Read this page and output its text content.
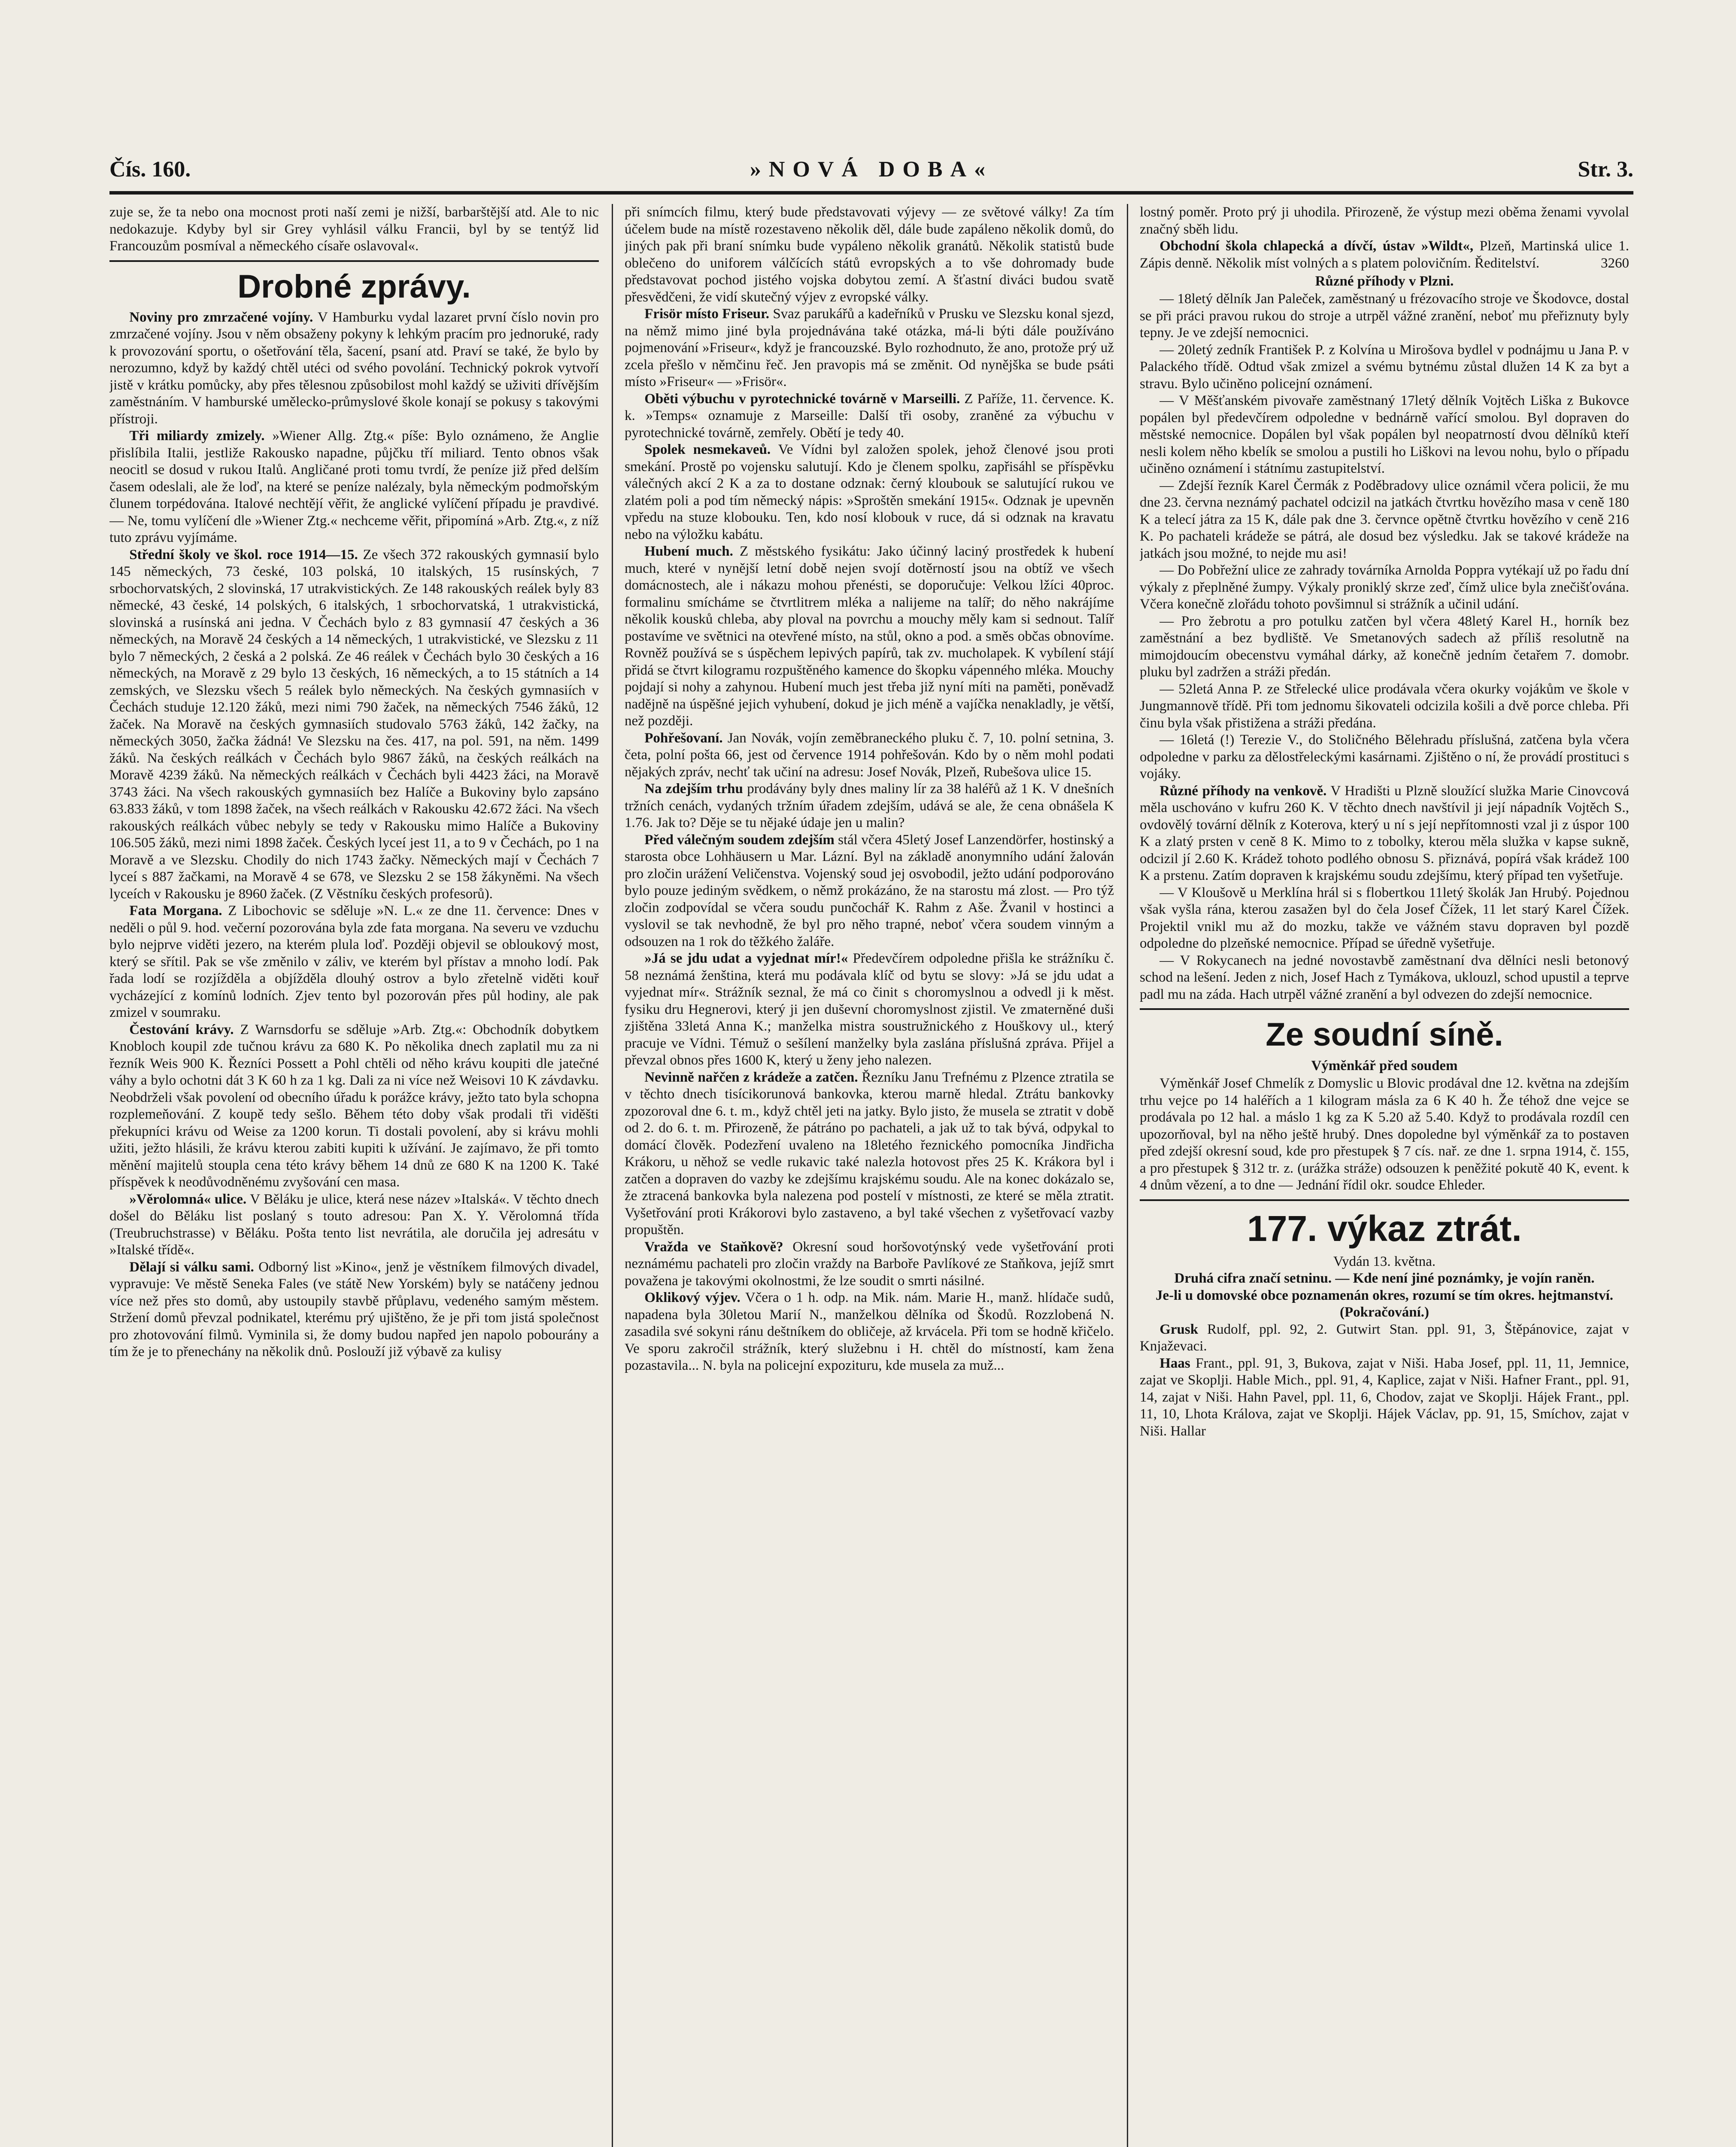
Čís. 160.	»NOVÁ DOBA«	Str. 3.

zuje se, že ta nebo ona mocnost proti naší zemi je nižší, barbarštější atd. Ale to nic nedokazuje. Kdyby byl sir Grey vyhlásil válku Francii, byl by se tentýž lid Francouzům posmíval a německého císaře oslavoval«.

Drobné zprávy.

Noviny pro zmrzačené vojíny. V Hamburku vydal lazaret první číslo novin pro zmrzačené vojíny. Jsou v něm obsaženy pokyny k lehkým pracím pro jednoruké, rady k provozování sportu, o ošetřování těla, šacení, psaní atd. Praví se také, že bylo by nerozumno, když by každý chtěl utéci od svého povolání. Technický pokrok vytvoří jistě v krátku pomůcky, aby přes tělesnou způsobilost mohl každý se uživiti dřívějším zaměstnáním. V hamburské umělecko-průmyslové škole konají se pokusy s takovými přístroji.

Tři miliardy zmizely. »Wiener Allg. Ztg.« píše: Bylo oznámeno, že Anglie přislíbila Italii, jestliže Rakousko napadne, půjčku tří miliard. Tento obnos však neocitl se dosud v rukou Italů. Angličané proti tomu tvrdí, že peníze již před delším časem odeslali, ale že loď, na které se peníze nalézaly, byla německým podmořským člunem torpédována. Italové nechtějí věřit, že anglické vylíčení případu je pravdivé. — Ne, tomu vylíčení dle »Wiener Ztg.« nechceme věřit, připomíná »Arb. Ztg.«, z níž tuto zprávu vyjímáme.

Střední školy ve škol. roce 1914—15. Ze všech 372 rakouských gymnasií bylo 145 německých, 73 české, 103 polská, 10 italských, 15 rusínských, 7 srbochorvatských, 2 slovinská, 17 utrakvistických. Ze 148 rakouských reálek byly 83 německé, 43 české, 14 polských, 6 italských, 1 srbochorvatská, 1 utrakvistická, slovinská a rusínská ani jedna. V Čechách bylo z 83 gymnasií 47 českých a 36 německých, na Moravě 24 českých a 14 německých, 1 utrakvistické, ve Slezsku z 11 bylo 7 německých, 2 česká a 2 polská. Ze 46 reálek v Čechách bylo 30 českých a 16 německých, na Moravě z 29 bylo 13 českých, 16 německých, a to 15 státních a 14 zemských, ve Slezsku všech 5 reálek bylo německých. Na českých gymnasiích v Čechách studuje 12.120 žáků, mezi nimi 790 žaček, na německých 7546 žáků, 12 žaček. Na Moravě na českých gymnasiích studovalo 5763 žáků, 142 žačky, na německých 3050, žačka žádná! Ve Slezsku na čes. 417, na pol. 591, na něm. 1499 žáků. Na českých reálkách v Čechách bylo 9867 žáků, na českých reálkách na Moravě 4239 žáků. Na německých reálkách v Čechách byli 4423 žáci, na Moravě 3743 žáci. Na všech rakouských gymnasiích bez Halíče a Bukoviny bylo zapsáno 63.833 žáků, v tom 1898 žaček, na všech reálkách v Rakousku 42.672 žáci. Na všech rakouských reálkách vůbec nebyly se tedy v Rakousku mimo Halíče a Bukoviny 106.505 žáků, mezi nimi 1898 žaček. Českých lyceí jest 11, a to 9 v Čechách, po 1 na Moravě a ve Slezsku. Chodily do nich 1743 žačky. Německých mají v Čechách 7 lyceí s 887 žačkami, na Moravě 4 se 678, ve Slezsku 2 se 158 žákyněmi. Na všech lyceích v Rakousku je 8960 žaček. (Z Věstníku českých profesorů).

Fata Morgana. Z Libochovic se sděluje »N. L.« ze dne 11. července: Dnes v neděli o půl 9. hod. večerní pozorována byla zde fata morgana. Na severu ve vzduchu bylo nejprve viděti jezero, na kterém plula loď. Později objevil se obloukový most, který se sřítil. Pak se vše změnilo v záliv, ve kterém byl přístav a mnoho lodí. Pak řada lodí se rozjížděla a objížděla dlouhý ostrov a bylo zřetelně viděti kouř vycházející z komínů lodních. Zjev tento byl pozorován přes půl hodiny, ale pak zmizel v soumraku.

Čestování krávy. Z Warnsdorfu se sděluje »Arb. Ztg.«: Obchodník dobytkem Knobloch koupil zde tučnou krávu za 680 K. Po několika dnech zaplatil mu za ni řezník Weis 900 K. Řezníci Possett a Pohl chtěli od něho krávu koupiti dle jatečné váhy a bylo ochotni dát 3 K 60 h za 1 kg. Dali za ni více než Weisovi 10 K závdavku. Neobdrželi však povolení od obecního úřadu k porážce krávy, ježto tato byla schopna rozplemeňování. Z koupě tedy sešlo. Během této doby však prodali tři viděšti překupníci krávu od Weise za 1200 korun. Ti dostali povolení, aby si krávu mohli užiti, ježto hlásili, že krávu kterou zabiti kupiti k užívání. Je zajímavo, že při tomto měnění majitelů stoupla cena této krávy během 14 dnů ze 680 K na 1200 K. Také příspěvek k neodůvodněnému zvyšování cen masa.

»Věrolomná« ulice. V Běláku je ulice, která nese název »Italská«. V těchto dnech došel do Běláku list poslaný s touto adresou: Pan X. Y. Věrolomná třída (Treubruchstrasse) v Běláku. Pošta tento list nevrátila, ale doručila jej adresátu v »Italské třídě«.

Dělají si válku sami. Odborný list »Kino«, jenž je věstníkem filmových divadel, vypravuje: Ve městě Seneka Fales (ve státě New Yorském) byly se natáčeny jednou více než přes sto domů, aby ustoupily stavbě přůplavu, vedeného samým městem. Stržení domů převzal podnikatel, kterému prý ujištěno, že je při tom jistá společnost pro zhotovování filmů. Vyminila si, že domy budou napřed jen napolo pobourány a tím že je to přenechány na několik dnů. Poslouží již výbavě za kulisy

při snímcích filmu, který bude představovati výjevy — ze světové války! Za tím účelem bude na místě rozestaveno několik děl, dále bude zapáleno několik domů, do jiných pak při braní snímku bude vypáleno několik granátů. Několik statistů bude oblečeno do uniforem válčících států evropských a to vše dohromady bude představovat pochod jistého vojska dobytou zemí. A šťastní diváci budou svatě přesvědčeni, že vidí skutečný výjev z evropské války.

Frisör místo Friseur. Svaz parukářů a kadeřníků v Prusku ve Slezsku konal sjezd, na němž mimo jiné byla projednávána také otázka, má-li býti dále používáno pojmenování »Friseur«, když je francouzské. Bylo rozhodnuto, že ano, protože prý už zcela přešlo v němčinu řeč. Jen pravopis má se změnit. Od nynějška se bude psáti místo »Friseur« — »Frisör«.

Oběti výbuchu v pyrotechnické továrně v Marseilli. Z Paříže, 11. července. K. k. »Temps« oznamuje z Marseille: Další tři osoby, zraněné za výbuchu v pyrotechnické továrně, zemřely. Obětí je tedy 40.

Spolek nesmekaveů. Ve Vídni byl založen spolek, jehož členové jsou proti smekání. Prostě po vojensku salutují. Kdo je členem spolku, zapřisáhl se příspěvku válečných akcí 2 K a za to dostane odznak: černý kloubouk se salutující rukou ve zlatém poli a pod tím německý nápis: »Sproštěn smekání 1915«. Odznak je upevněn vpředu na stuze klobouku. Ten, kdo nosí klobouk v ruce, dá si odznak na kravatu nebo na výložku kabátu.

Hubení much. Z městského fysikátu: Jako účinný laciný prostředek k hubení much, které v nynější letní době nejen svojí dotěrností jsou na obtíž ve všech domácnostech, ale i nákazu mohou přenésti, se doporučuje: Velkou lžíci 40proc. formalinu smícháme se čtvrtlitrem mléka a nalijeme na talíř; do něho nakrájíme několik kousků chleba, aby ploval na povrchu a mouchy měly kam si sednout. Talíř postavíme ve světnici na otevřené místo, na stůl, okno a pod. a směs občas obnovíme. Rovněž používá se s úspěchem lepivých papírů, tak zv. mucholapek. K vybílení stájí přidá se čtvrt kilogramu rozpuštěného kamence do škopku vápenného mléka. Mouchy pojdají si nohy a zahynou. Hubení much jest třeba již nyní míti na paměti, poněvadž nadějně na úspěšné jejich vyhubení, dokud je jich méně a vajíčka nenakladly, je větší, než později.

Pohřešovaní. Jan Novák, vojín zeměbraneckého pluku č. 7, 10. polní setnina, 3. četa, polní pošta 66, jest od července 1914 pohřešován. Kdo by o něm mohl podati nějakých zpráv, nechť tak učiní na adresu: Josef Novák, Plzeň, Rubešova ulice 15.

Na zdejším trhu prodávány byly dnes maliny lír za 38 haléřů až 1 K. V dnešních tržních cenách, vydaných tržním úřadem zdejším, udává se ale, že cena obnášela K 1.76. Jak to? Děje se tu nějaké údaje jen u malin?

Před válečným soudem zdejším stál včera 45letý Josef Lanzendörfer, hostinský a starosta obce Lohhäusern u Mar. Lázní. Byl na základě anonymního udání žalován pro zločin urážení Veličenstva. Vojenský soud jej osvobodil, ježto udání podporováno bylo pouze jediným svědkem, o němž prokázáno, že na starostu má zlost. — Pro týž zločin zodpovídal se včera soudu punčochář K. Rahm z Aše. Žvanil v hostinci a vyslovil se tak nevhodně, že byl pro něho trapné, neboť včera soudem vinným a odsouzen na 1 rok do těžkého žaláře.

»Já se jdu udat a vyjednat mír!« Předevčírem odpoledne přišla ke strážníku č. 58 neznámá ženština, která mu podávala klíč od bytu se slovy: »Já se jdu udat a vyjednat mír«. Strážník seznal, že má co činit s choromyslnou a odvedl ji k měst. fysiku dru Hegnerovi, který ji jen duševní choromyslnost zjistil. Ve zmaterněné duši zjištěna 33letá Anna K.; manželka mistra soustružnického z Houškovy ul., který pracuje ve Vídni. Témuž o sešílení manželky byla zaslána příslušná zpráva. Přijel a převzal obnos přes 1600 K, který u ženy jeho nalezen.

Nevinně nařčen z krádeže a zatčen. Řezníku Janu Trefnému z Plzence ztratila se v těchto dnech tisícikorunová bankovka, kterou marně hledal. Ztrátu bankovky zpozoroval dne 6. t. m., když chtěl jeti na jatky. Bylo jisto, že musela se ztratit v době od 2. do 6. t. m. Přirozeně, že pátráno po pachateli, a jak už to tak bývá, odpykal to domácí člověk. Podezření uvaleno na 18letého řeznického pomocníka Jindřicha Krákoru, u něhož se vedle rukavic také nalezla hotovost přes 25 K. Krákora byl i zatčen a dopraven do vazby ke zdejšímu krajskému soudu. Ale na konec dokázalo se, že ztracená bankovka byla nalezena pod postelí v místnosti, ze které se měla ztratit. Vyšetřování proti Krákorovi bylo zastaveno, a byl také všechen z vyšetřovací vazby propuštěn.

Vražda ve Staňkově? Okresní soud horšovotýnský vede vyšetřování proti neznámému pachateli pro zločin vraždy na Barboře Pavlíkové ze Staňkova, jejíž smrt považena je takovými okolnostmi, že lze soudit o smrti násilné.

Oklikový výjev. Včera o 1 h. odp. na Mik. nám. Marie H., manž. hlídače sudů, napadena byla 30letou Marií N., manželkou dělníka od Škodů. Rozzlobená N. zasadila své sokyni ránu deštníkem do obličeje, až krvácela. Při tom se hodně křičelo. Ve sporu zakročil strážník, který služebnu i H. chtěl do místností, kam žena pozastavila... N. byla na policejní expozituru, kde musela za muž...

lostný poměr. Proto prý ji uhodila. Přirozeně, že výstup mezi oběma ženami vyvolal značný sběh lidu.

Obchodní škola chlapecká a dívčí, ústav »Wildt«, Plzeň, Martinská ulice 1. Zápis denně. Několik míst volných a s platem polovičním. Ředitelství.	3260

Různé příhody v Plzni.

— 18letý dělník Jan Paleček, zaměstnaný u frézovacího stroje ve Škodovce, dostal se při práci pravou rukou do stroje a utrpěl vážné zranění, neboť mu přeřiznuty byly tepny. Je ve zdejší nemocnici.

— 20letý zedník František P. z Kolvína u Mirošova bydlel v podnájmu u Jana P. v Palackého třídě. Odtud však zmizel a svému bytnému zůstal dlužen 14 K za byt a stravu. Bylo učiněno policejní oznámení.

— V Měšťanském pivovaře zaměstnaný 17letý dělník Vojtěch Liška z Bukovce popálen byl předevčírem odpoledne v bednárně vařící smolou. Byl dopraven do městské nemocnice. Dopálen byl však popálen byl neopatrností dvou dělníků kteří nesli kolem něho kbelík se smolou a pustili ho Liškovi na levou nohu, bylo o případu učiněno oznámení i státnímu zastupitelství.

— Zdejší řezník Karel Čermák z Poděbradovy ulice oznámil včera policii, že mu dne 23. června neznámý pachatel odcizil na jatkách čtvrtku hovězího masa v ceně 180 K a telecí játra za 15 K, dále pak dne 3. červnce opětně čtvrtku hovězího v ceně 216 K. Po pachateli krádeže se pátrá, ale dosud bez výsledku. Jak se takové krádeže na jatkách jsou možné, to nejde mu asi!

— Do Pobřežní ulice ze zahrady továrníka Arnolda Poppra vytékají už po řadu dní výkaly z přeplněné žumpy. Výkaly proniklý skrze zeď, čímž ulice byla znečišťována. Včera konečně zlořádu tohoto povšimnul si strážník a učinil udání.

— Pro žebrotu a pro potulku zatčen byl včera 48letý Karel H., horník bez zaměstnání a bez bydliště. Ve Smetanových sadech až příliš resolutně na mimojdoucím obecenstvu vymáhal dárky, až konečně jedním četařem 7. domobr. pluku byl zadržen a stráži předán.

— 52letá Anna P. ze Střelecké ulice prodávala včera okurky vojákům ve škole v Jungmannově třídě. Při tom jednomu šikovateli odcizila košili a dvě porce chleba. Při činu byla však přistižena a stráži předána.

— 16letá (!) Terezie V., do Stoličného Bělehradu příslušná, zatčena byla včera odpoledne v parku za dělostřeleckými kasárnami. Zjištěno o ní, že provádí prostituci s vojáky.

Různé příhody na venkově. V Hradišti u Plzně sloužící služka Marie Cinovcová měla uschováno v kufru 260 K. V těchto dnech navštívil ji její nápadník Vojtěch S., ovdovělý tovární dělník z Koterova, který u ní s její nepřítomnosti vzal ji z úspor 100 K a zlatý prsten v ceně 8 K. Mimo to z tobolky, kterou měla služka v kapse sukně, odcizil jí 2.60 K. Krádež tohoto podlého obnosu S. přiznává, popírá však krádež 100 K a prstenu. Zatím dopraven k krajskému soudu zdejšímu, který případ ten vyšetřuje.

— V Kloušově u Merklína hrál si s flobertkou 11letý školák Jan Hrubý. Pojednou však vyšla rána, kterou zasažen byl do čela Josef Čížek, 11 let starý Karel Čížek. Projektil vnikl mu až do mozku, takže ve vážném stavu dopraven byl pozdě odpoledne do plzeňské nemocnice. Případ se úředně vyšetřuje.

— V Rokycanech na jedné novostavbě zaměstnaní dva dělníci nesli betonový schod na lešení. Jeden z nich, Josef Hach z Tymákova, uklouzl, schod upustil a teprve padl mu na záda. Hach utrpěl vážné zranění a byl odvezen do zdejší nemocnice.

Ze soudní síně.
Výměnkář před soudem

Výměnkář Josef Chmelík z Domyslic u Blovic prodával dne 12. května na zdejším trhu vejce po 14 haléřích a 1 kilogram másla za 6 K 40 h. Že téhož dne vejce se prodávala po 12 hal. a máslo 1 kg za K 5.20 až 5.40. Když to prodávala rozdíl cen upozorňoval, byl na něho ještě hrubý. Dnes dopoledne byl výměnkář za to postaven před zdejší okresní soud, kde pro přestupek § 7 cís. nař. ze dne 1. srpna 1914, č. 155, a pro přestupek § 312 tr. z. (urážka stráže) odsouzen k peněžité pokutě 40 K, event. k 4 dnům vězení, a to dne — Jednání řídil okr. soudce Ehleder.

177. výkaz ztrát.
Vydán 13. května.
Druhá cifra značí setninu. — Kde není jiné poznámky, je vojín raněn.
Je-li u domovské obce poznamenán okres, rozumí se tím okres. hejtmanství.
(Pokračování.)

Grusk Rudolf, ppl. 92, 2. Gutwirt Stan. ppl. 91, 3, Štěpánovice, zajat v Knjaževaci.

Haas Frant., ppl. 91, 3, Bukova, zajat v Niši. Haba Josef, ppl. 11, 11, Jemnice, zajat ve Skoplji. Hable Mich., ppl. 91, 4, Kaplice, zajat v Niši. Hafner Frant., ppl. 91, 14, zajat v Niši. Hahn Pavel, ppl. 11, 6, Chodov, zajat ve Skoplji. Hájek Frant., ppl. 11, 10, Lhota Králova, zajat ve Skoplji. Hájek Václav, pp. 91, 15, Smíchov, zajat v Niši. Hallar
